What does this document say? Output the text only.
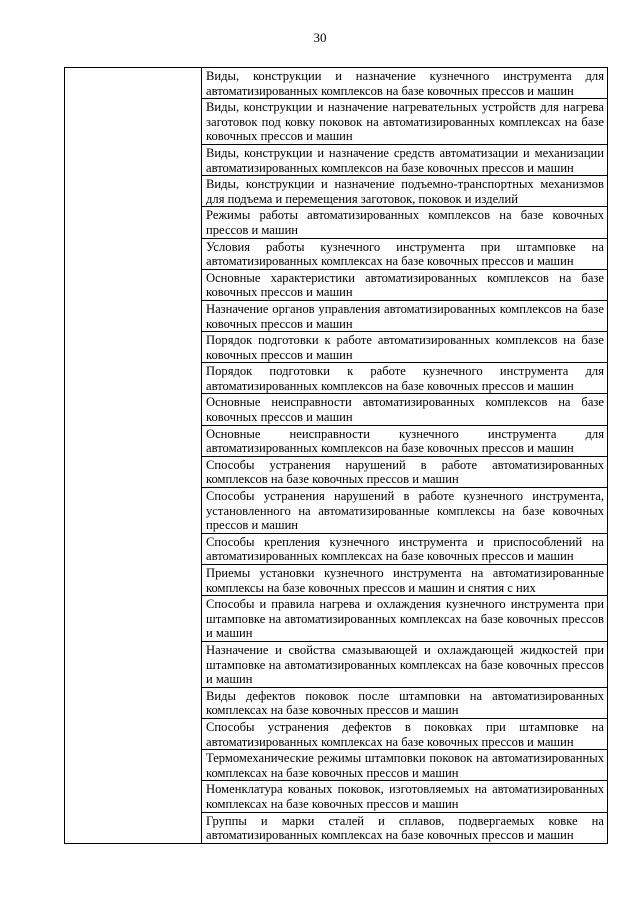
30
	Виды, конструкции и назначение кузнечного инструмента для автоматизированных комплексов на базе ковочных прессов и машин
Виды, конструкции и назначение нагревательных устройств для нагрева заготовок под ковку поковок на автоматизированных комплексах на базе ковочных прессов и машин
Виды, конструкции и назначение средств автоматизации и механизации автоматизированных комплексов на базе ковочных прессов и машин
Виды, конструкции и назначение подъемно-транспортных механизмов для подъема и перемещения заготовок, поковок и изделий
Режимы работы автоматизированных комплексов на базе ковочных прессов и машин
Условия работы кузнечного инструмента при штамповке на автоматизированных комплексах на базе ковочных прессов и машин
Основные характеристики автоматизированных комплексов на базе ковочных прессов и машин
Назначение органов управления автоматизированных комплексов на базе ковочных прессов и машин
Порядок подготовки к работе автоматизированных комплексов на базе ковочных прессов и машин
Порядок подготовки к работе кузнечного инструмента для автоматизированных комплексов на базе ковочных прессов и машин
Основные неисправности автоматизированных комплексов на базе ковочных прессов и машин
Основные неисправности кузнечного инструмента для автоматизированных комплексов на базе ковочных прессов и машин
Способы устранения нарушений в работе автоматизированных комплексов на базе ковочных прессов и машин
Способы устранения нарушений в работе кузнечного инструмента, установленного на автоматизированные комплексы на базе ковочных прессов и машин
Способы крепления кузнечного инструмента и приспособлений на автоматизированных комплексах на базе ковочных прессов и машин
Приемы установки кузнечного инструмента на автоматизированные комплексы на базе ковочных прессов и машин и снятия с них
Способы и правила нагрева и охлаждения кузнечного инструмента при штамповке на автоматизированных комплексах на базе ковочных прессов и машин
Назначение и свойства смазывающей и охлаждающей жидкостей при штамповке на автоматизированных комплексах на базе ковочных прессов и машин
Виды дефектов поковок после штамповки на автоматизированных комплексах на базе ковочных прессов и машин
Способы устранения дефектов в поковках при штамповке на автоматизированных комплексах на базе ковочных прессов и машин
Термомеханические режимы штамповки поковок на автоматизированных комплексах на базе ковочных прессов и машин
Номенклатура кованых поковок, изготовляемых на автоматизированных комплексах на базе ковочных прессов и машин
Группы и марки сталей и сплавов, подвергаемых ковке на автоматизированных комплексах на базе ковочных прессов и машин
